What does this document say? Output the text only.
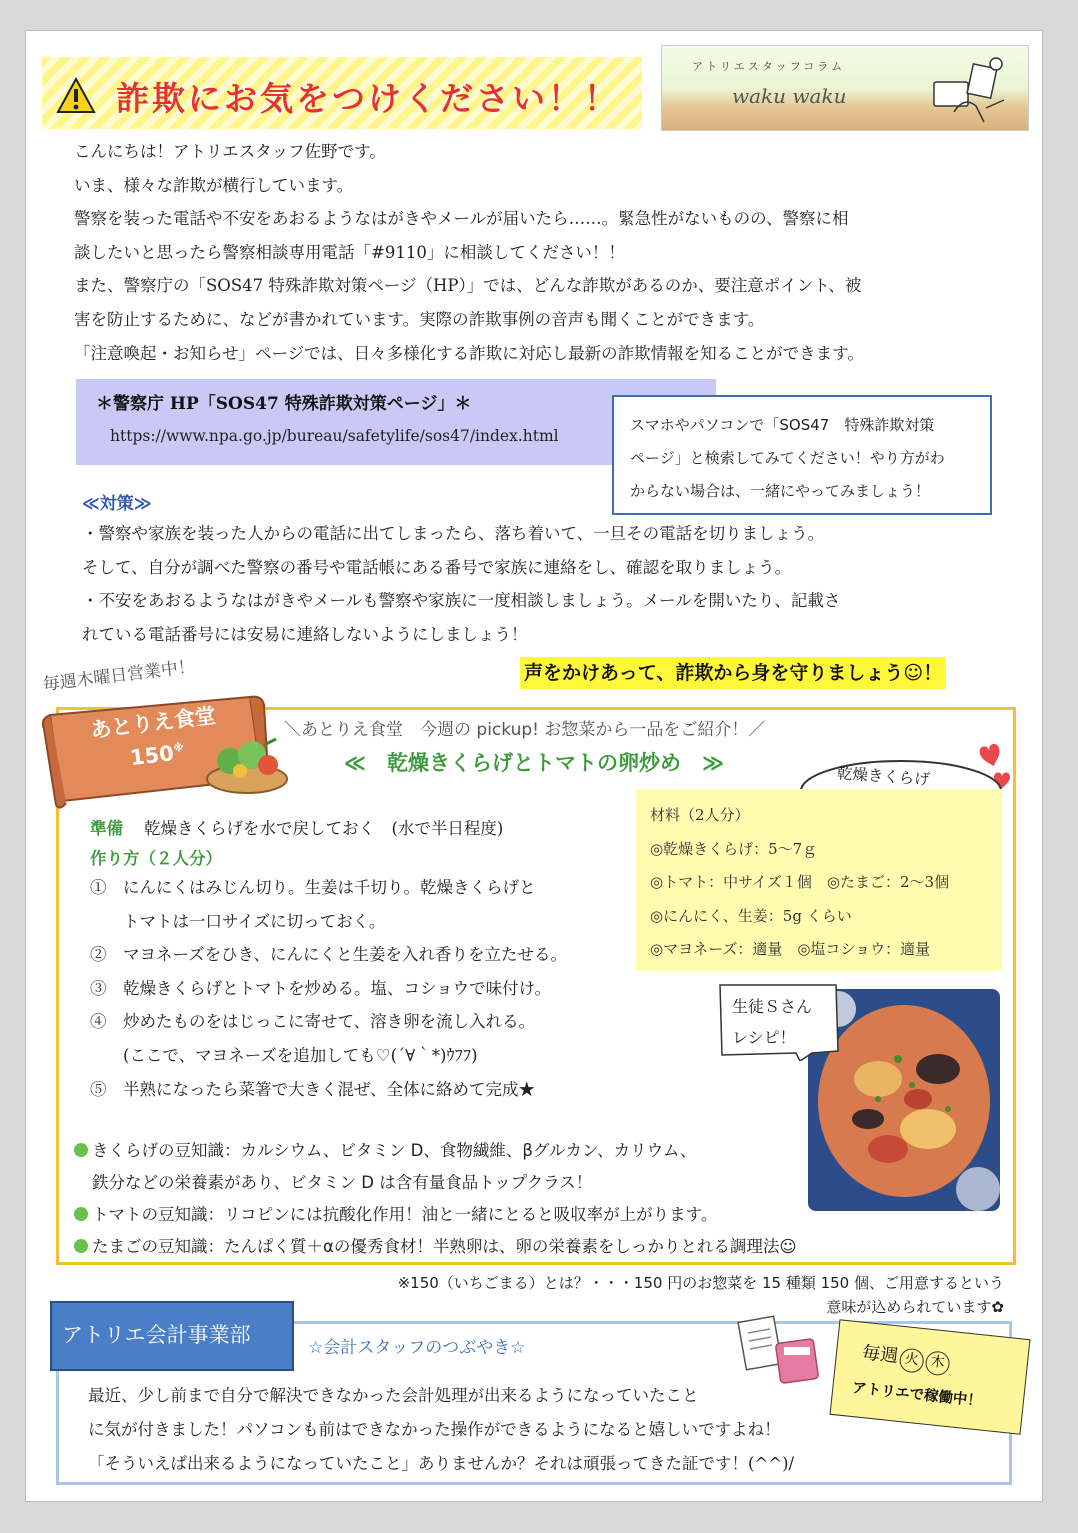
詐欺にお気をつけください！！
アトリエスタッフコラム
waku waku

こんにちは！アトリエスタッフ佐野です。

いま、様々な詐欺が横行しています。

警察を装った電話や不安をあおるようなはがきやメールが届いたら……。緊急性がないものの、警察に相

談したいと思ったら警察相談専用電話「#9110」に相談してください！！

また、警察庁の「SOS47 特殊詐欺対策ページ（HP）」では、どんな詐欺があるのか、要注意ポイント、被

害を防止するために、などが書かれています。実際の詐欺事例の音声も聞くことができます。

「注意喚起・お知らせ」ページでは、日々多様化する詐欺に対応し最新の詐欺情報を知ることができます。

＊警察庁 HP「SOS47 特殊詐欺対策ページ」＊
https://www.npa.go.jp/bureau/safetylife/sos47/index.html

スマホやパソコンで「SOS47　特殊詐欺対策

ページ」と検索してみてください！やり方がわ

からない場合は、一緒にやってみましょう！

≪対策≫

・警察や家族を装った人からの電話に出てしまったら、落ち着いて、一旦その電話を切りましょう。

そして、自分が調べた警察の番号や電話帳にある番号で家族に連絡をし、確認を取りましょう。

・不安をあおるようなはがきやメールも警察や家族に一度相談しましょう。メールを開いたり、記載さ

れている電話番号には安易に連絡しないようにしましょう！

声をかけあって、詐欺から身を守りましょう☺！
毎週木曜日営業中！
あとりえ食堂
150※
＼あとりえ食堂　今週の pickup! お惣菜から一品をご紹介！／
≪　乾燥きくらげとトマトの卵炒め　≫

乾燥きくらげ

材料（2人分）

◎乾燥きくらげ：5～7ｇ

◎トマト：中サイズ１個　◎たまご：2～3個

◎にんにく、生姜：5g くらい

◎マヨネーズ：適量　◎塩コショウ：適量

準備 乾燥きくらげを水で戻しておく　(水で半日程度)
作り方（２人分）

①　にんにくはみじん切り。生姜は千切り。乾燥きくらげと

　　トマトは一口サイズに切っておく。

②　マヨネーズをひき、にんにくと生姜を入れ香りを立たせる。

③　乾燥きくらげとトマトを炒める。塩、コショウで味付け。

④　炒めたものをはじっこに寄せて、溶き卵を流し入れる。

　　(ここで、マヨネーズを追加しても♡(´∀｀*)ｳﾌﾌ)

⑤　半熟になったら菜箸で大きく混ぜ、全体に絡めて完成★

生徒Ｓさん

レシピ！

きくらげの豆知識：カルシウム、ビタミン D、食物繊維、βグルカン、カリウム、

鉄分などの栄養素があり、ビタミン D は含有量食品トップクラス！

トマトの豆知識：リコピンには抗酸化作用！油と一緒にとると吸収率が上がります。

たまごの豆知識：たんぱく質＋αの優秀食材！半熟卵は、卵の栄養素をしっかりとれる調理法☺

※150（いちごまる）とは？・・・150 円のお惣菜を 15 種類 150 個、ご用意するという

意味が込められています✿

アトリエ会計事業部
☆会計スタッフのつぶやき☆	毎週 火 木
アトリエで稼働中！

最近、少し前まで自分で解決できなかった会計処理が出来るようになっていたこと

に気が付きました！パソコンも前はできなかった操作ができるようになると嬉しいですよね！

「そういえば出来るようになっていたこと」ありませんか？それは頑張ってきた証です！(^^)/
